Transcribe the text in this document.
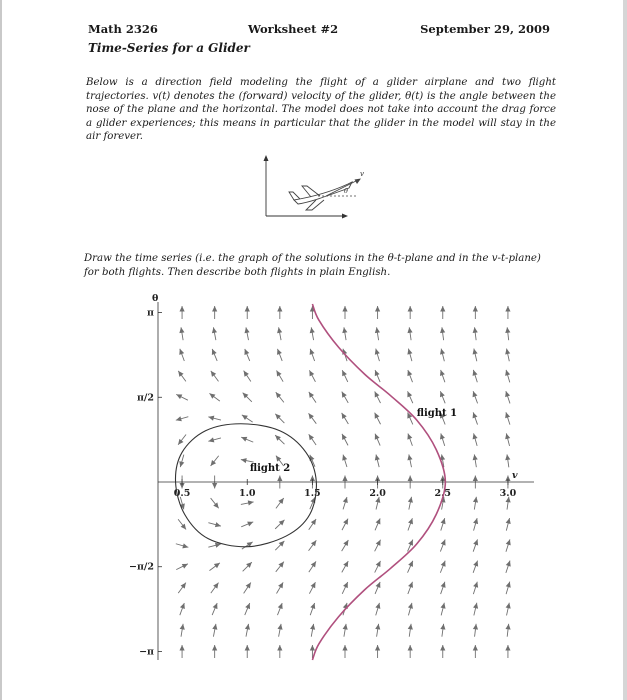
Math 2326	Worksheet #2	September 29, 2009
Time-Series for a Glider
Below is a direction field modeling the flight of a glider airplane and two flight trajectories. v(t) denotes the (forward) velocity of the glider, θ(t) is the angle between the nose of the plane and the horizontal. The model does not take into account the drag force a glider experiences; this means in particular that the glider in the model will stay in the air forever.
v
θ
Draw the time series (i.e. the graph of the solutions in the θ-t-plane and in the v-t-plane) for both flights. Then describe both flights in plain English.
θ
v
0.5	1.0	1.5	2.0	2.5	3.0
π
π/2
−π/2
−π
flight 1
flight 2
